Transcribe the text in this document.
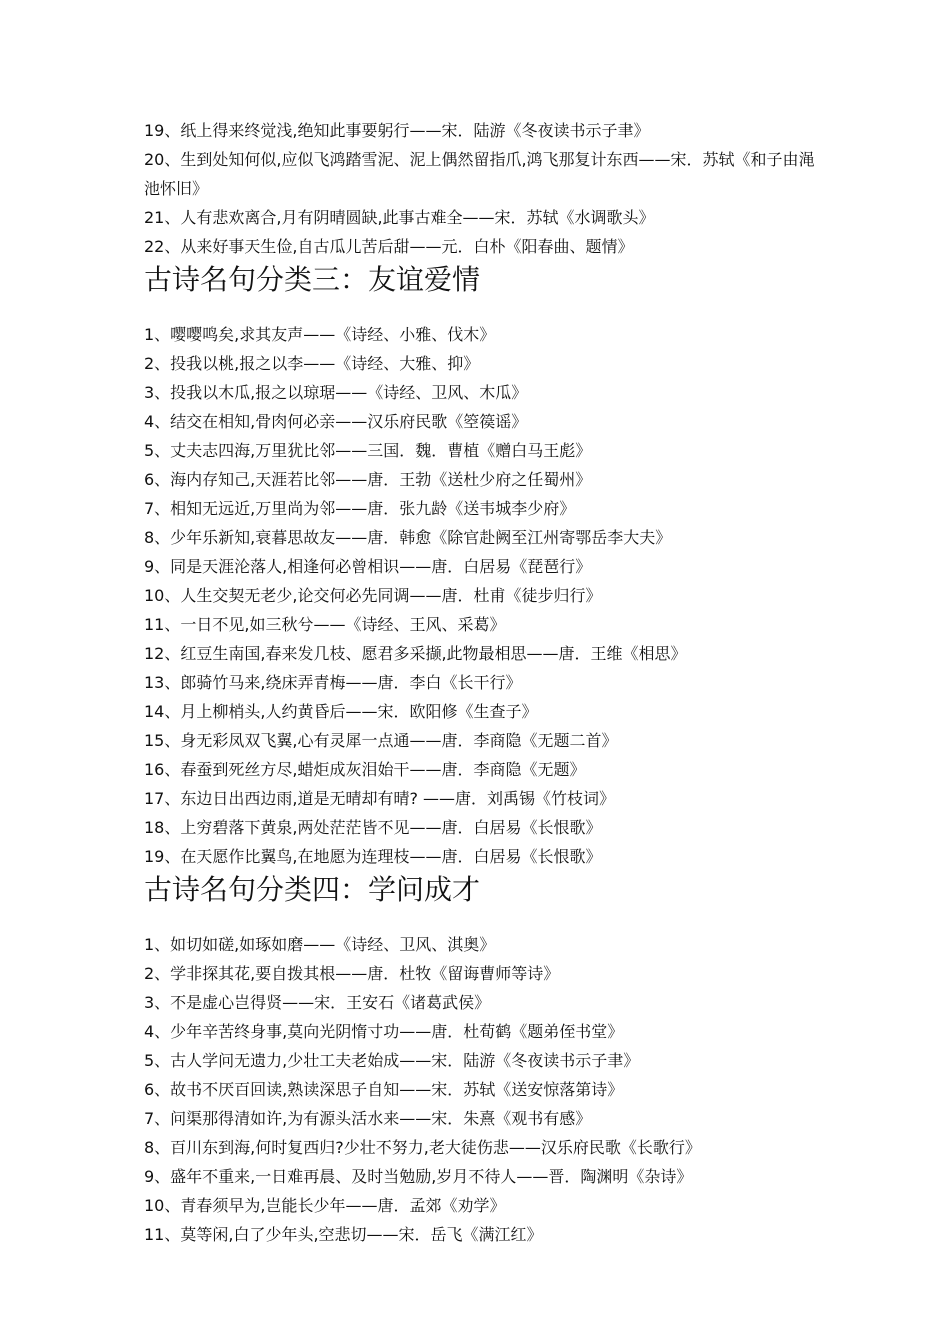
19、纸上得来终觉浅,绝知此事要躬行——宋．陆游《冬夜读书示子聿》
20、生到处知何似,应似飞鸿踏雪泥、泥上偶然留指爪,鸿飞那复计东西——宋．苏轼《和子由渑池怀旧》
21、人有悲欢离合,月有阴晴圆缺,此事古难全——宋．苏轼《水调歌头》
22、从来好事天生俭,自古瓜儿苦后甜——元．白朴《阳春曲、题情》
古诗名句分类三：友谊爱情
1、嘤嘤鸣矣,求其友声——《诗经、小雅、伐木》
2、投我以桃,报之以李——《诗经、大雅、抑》
3、投我以木瓜,报之以琼琚——《诗经、卫风、木瓜》
4、结交在相知,骨肉何必亲——汉乐府民歌《箜篌谣》
5、丈夫志四海,万里犹比邻——三国．魏．曹植《赠白马王彪》
6、海内存知己,天涯若比邻——唐．王勃《送杜少府之任蜀州》
7、相知无远近,万里尚为邻——唐．张九龄《送韦城李少府》
8、少年乐新知,衰暮思故友——唐．韩愈《除官赴阙至江州寄鄂岳李大夫》
9、同是天涯沦落人,相逢何必曾相识——唐．白居易《琵琶行》
10、人生交契无老少,论交何必先同调——唐．杜甫《徒步归行》
11、一日不见,如三秋兮——《诗经、王风、采葛》
12、红豆生南国,春来发几枝、愿君多采撷,此物最相思——唐．王维《相思》
13、郎骑竹马来,绕床弄青梅——唐．李白《长干行》
14、月上柳梢头,人约黄昏后——宋．欧阳修《生查子》
15、身无彩凤双飞翼,心有灵犀一点通——唐．李商隐《无题二首》
16、春蚕到死丝方尽,蜡炬成灰泪始干——唐．李商隐《无题》
17、东边日出西边雨,道是无晴却有晴? ——唐．刘禹锡《竹枝词》
18、上穷碧落下黄泉,两处茫茫皆不见——唐．白居易《长恨歌》
19、在天愿作比翼鸟,在地愿为连理枝——唐．白居易《长恨歌》
古诗名句分类四：学问成才
1、如切如磋,如琢如磨——《诗经、卫风、淇奥》
2、学非探其花,要自拨其根——唐．杜牧《留诲曹师等诗》
3、不是虚心岂得贤——宋．王安石《诸葛武侯》
4、少年辛苦终身事,莫向光阴惰寸功——唐．杜荀鹤《题弟侄书堂》
5、古人学问无遗力,少壮工夫老始成——宋．陆游《冬夜读书示子聿》
6、故书不厌百回读,熟读深思子自知——宋．苏轼《送安惊落第诗》
7、问渠那得清如许,为有源头活水来——宋．朱熹《观书有感》
8、百川东到海,何时复西归?少壮不努力,老大徒伤悲——汉乐府民歌《长歌行》
9、盛年不重来,一日难再晨、及时当勉励,岁月不待人——晋．陶渊明《杂诗》
10、青春须早为,岂能长少年——唐．孟郊《劝学》
11、莫等闲,白了少年头,空悲切——宋．岳飞《满江红》
